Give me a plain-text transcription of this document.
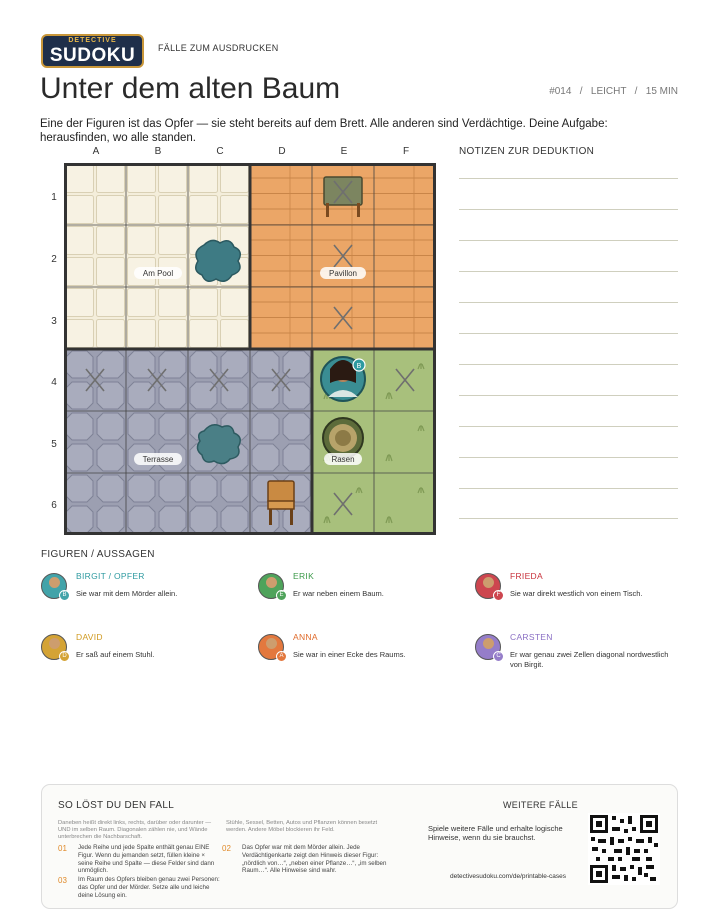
DETECTIVE
SUDOKU	FÄLLE ZUM AUSDRUCKEN
Unter dem alten Baum	#014 / LEICHT / 15 MIN
Eine der Figuren ist das Opfer — sie steht bereits auf dem Brett. Alle anderen sind Verdächtige. Deine Aufgabe: herausfinden, wo alle standen.
A	B	C	D	E	F
1
2
3
4
5
6
B
Am Pool	Pavillon
Terrasse	Rasen
NOTIZEN ZUR DEDUKTION
FIGUREN / AUSSAGEN
B
BIRGIT / OPFER
Sie war mit dem Mörder allein.	E
ERIK
Er war neben einem Baum.	F
FRIEDA
Sie war direkt westlich von einem Tisch.
D
DAVID
Er saß auf einem Stuhl.	A
ANNA
Sie war in einer Ecke des Raums.	C
CARSTEN
Er war genau zwei Zellen diagonal nordwestlich von Birgit.
SO LÖST DU DEN FALL
Daneben heißt direkt links, rechts, darüber oder darunter — UND im selben Raum. Diagonalen zählen nie, und Wände unterbrechen die Nachbarschaft.
Stühle, Sessel, Betten, Autos und Pflanzen können besetzt werden. Andere Möbel blockieren ihr Feld.
01 Jede Reihe und jede Spalte enthält genau EINE Figur. Wenn du jemanden setzt, füllen kleine × seine Reihe und Spalte — diese Felder sind dann unmöglich.
02 Das Opfer war mit dem Mörder allein. Jede Verdächtigenkarte zeigt den Hinweis dieser Figur: „nördlich von…“, „neben einer Pflanze…“, „im selben Raum…“. Alle Hinweise sind wahr.
03 Im Raum des Opfers bleiben genau zwei Personen: das Opfer und der Mörder. Setze alle und leiche deine Lösung ein.
WEITERE FÄLLE
Spiele weitere Fälle und erhalte logische Hinweise, wenn du sie brauchst.
detectivesudoku.com/de/printable-cases
